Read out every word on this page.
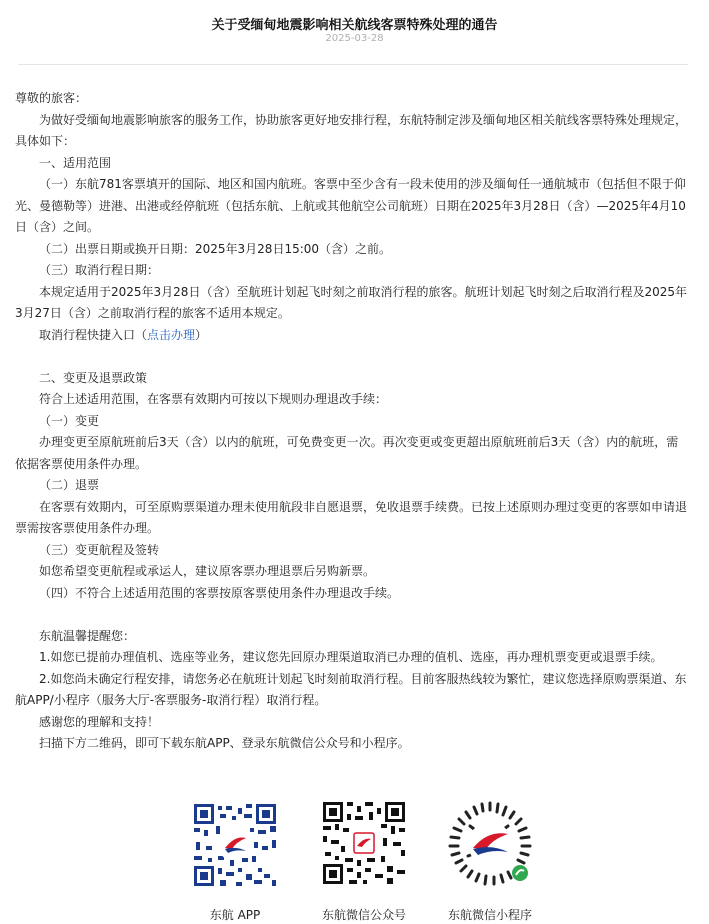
关于受缅甸地震影响相关航线客票特殊处理的通告
2025-03-28

尊敬的旅客：

为做好受缅甸地震影响旅客的服务工作，协助旅客更好地安排行程，东航特制定涉及缅甸地区相关航线客票特殊处理规定，具体如下：

一、适用范围

（一）东航781客票填开的国际、地区和国内航班。客票中至少含有一段未使用的涉及缅甸任一通航城市（包括但不限于仰光、曼德勒等）进港、出港或经停航班（包括东航、上航或其他航空公司航班）日期在2025年3月28日（含）—2025年4月10日（含）之间。

（二）出票日期或换开日期：2025年3月28日15:00（含）之前。

（三）取消行程日期：

本规定适用于2025年3月28日（含）至航班计划起飞时刻之前取消行程的旅客。航班计划起飞时刻之后取消行程及2025年3月27日（含）之前取消行程的旅客不适用本规定。

取消行程快捷入口（点击办理）

二、变更及退票政策

符合上述适用范围，在客票有效期内可按以下规则办理退改手续：

（一）变更

办理变更至原航班前后3天（含）以内的航班，可免费变更一次。再次变更或变更超出原航班前后3天（含）内的航班，需依据客票使用条件办理。

（二）退票

在客票有效期内，可至原购票渠道办理未使用航段非自愿退票，免收退票手续费。已按上述原则办理过变更的客票如申请退票需按客票使用条件办理。

（三）变更航程及签转

如您希望变更航程或承运人，建议原客票办理退票后另购新票。

（四）不符合上述适用范围的客票按原客票使用条件办理退改手续。

东航温馨提醒您：

1.如您已提前办理值机、选座等业务，建议您先回原办理渠道取消已办理的值机、选座，再办理机票变更或退票手续。

2.如您尚未确定行程安排，请您务必在航班计划起飞时刻前取消行程。目前客服热线较为繁忙，建议您选择原购票渠道、东航APP/小程序（服务大厅-客票服务-取消行程）取消行程。

感谢您的理解和支持！

扫描下方二维码，即可下载东航APP、登录东航微信公众号和小程序。

东航 APP	东航微信公众号	东航微信小程序
